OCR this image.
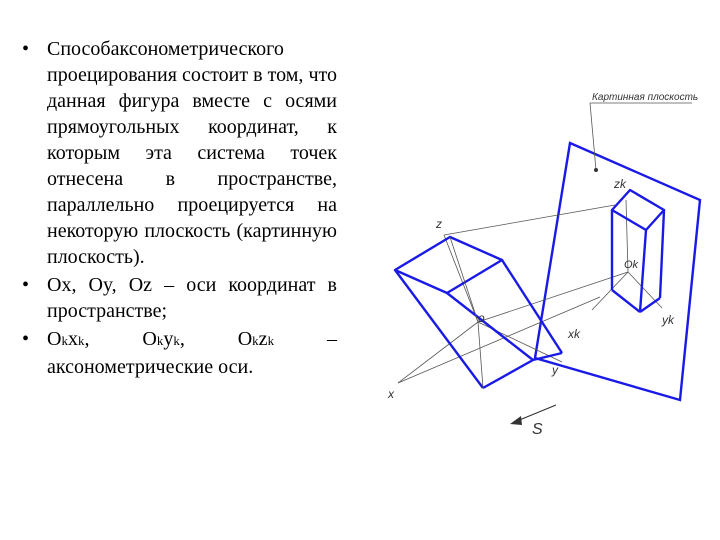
• Способаксонометрического проецирования состоит в том, что данная фигура вместе с осями прямоугольных координат, к которым эта система точек отнесена в пространстве, параллельно проецируется на некоторую плоскость (картинную плоскость).
• Ox, Oy, Oz – оси координат в пространстве;
• Okxk,	Okyk,	Okzk	–
аксонометрические оси.
Картинная плоскость
z
o
x
y
zk
Ok
xk
yk
S
